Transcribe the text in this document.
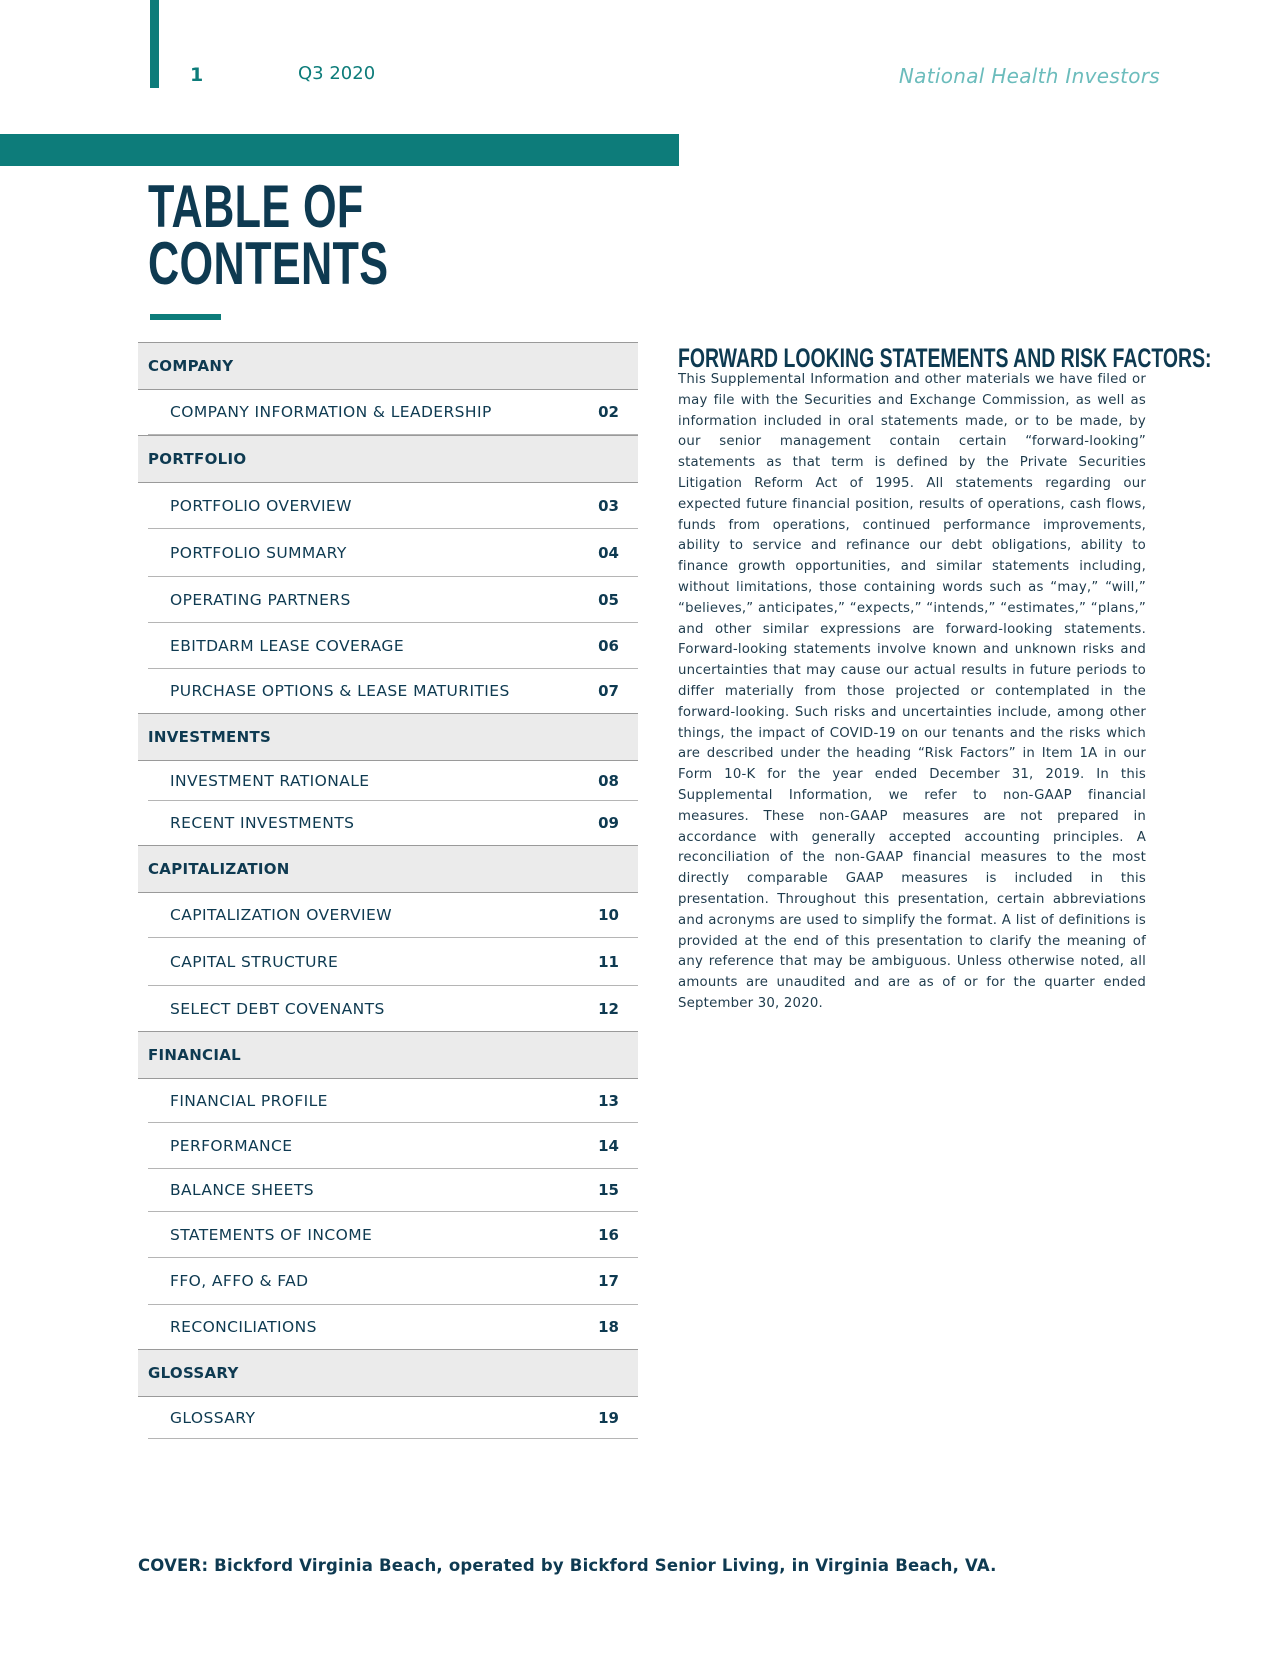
1	Q3 2020	National Health Investors
TABLE OF
CONTENTS
COMPANY
COMPANY INFORMATION & LEADERSHIP	02
PORTFOLIO
PORTFOLIO OVERVIEW	03
PORTFOLIO SUMMARY	04
OPERATING PARTNERS	05
EBITDARM LEASE COVERAGE	06
PURCHASE OPTIONS & LEASE MATURITIES	07
INVESTMENTS
INVESTMENT RATIONALE	08
RECENT INVESTMENTS	09
CAPITALIZATION
CAPITALIZATION OVERVIEW	10
CAPITAL STRUCTURE	11
SELECT DEBT COVENANTS	12
FINANCIAL
FINANCIAL PROFILE	13
PERFORMANCE	14
BALANCE SHEETS	15
STATEMENTS OF INCOME	16
FFO, AFFO & FAD	17
RECONCILIATIONS	18
GLOSSARY
GLOSSARY	19
FORWARD LOOKING STATEMENTS AND RISK FACTORS:
This Supplemental Information and other materials we have filed or may file with the Securities and Exchange Commission, as well as information included in oral statements made, or to be made, by our senior management contain certain “forward-looking” statements as that term is defined by the Private Securities Litigation Reform Act of 1995. All statements regarding our expected future financial position, results of operations, cash flows, funds from operations, continued performance improvements, ability to service and refinance our debt obligations, ability to finance growth opportunities, and similar statements including, without limitations, those containing words such as “may,” “will,” “believes,” anticipates,” “expects,” “intends,” “estimates,” “plans,” and other similar expressions are forward-looking statements. Forward-looking statements involve known and unknown risks and uncertainties that may cause our actual results in future periods to differ materially from those projected or contemplated in the forward-looking. Such risks and uncertainties include, among other things, the impact of COVID-19 on our tenants and the risks which are described under the heading “Risk Factors” in Item 1A in our Form 10-K for the year ended December 31, 2019. In this Supplemental Information, we refer to non-GAAP financial measures. These non-GAAP measures are not prepared in accordance with generally accepted accounting principles. A reconciliation of the non-GAAP financial measures to the most directly comparable GAAP measures is included in this presentation. Throughout this presentation, certain abbreviations and acronyms are used to simplify the format. A list of definitions is provided at the end of this presentation to clarify the meaning of any reference that may be ambiguous. Unless otherwise noted, all amounts are unaudited and are as of or for the quarter ended September 30, 2020.
COVER: Bickford Virginia Beach, operated by Bickford Senior Living, in Virginia Beach, VA.
